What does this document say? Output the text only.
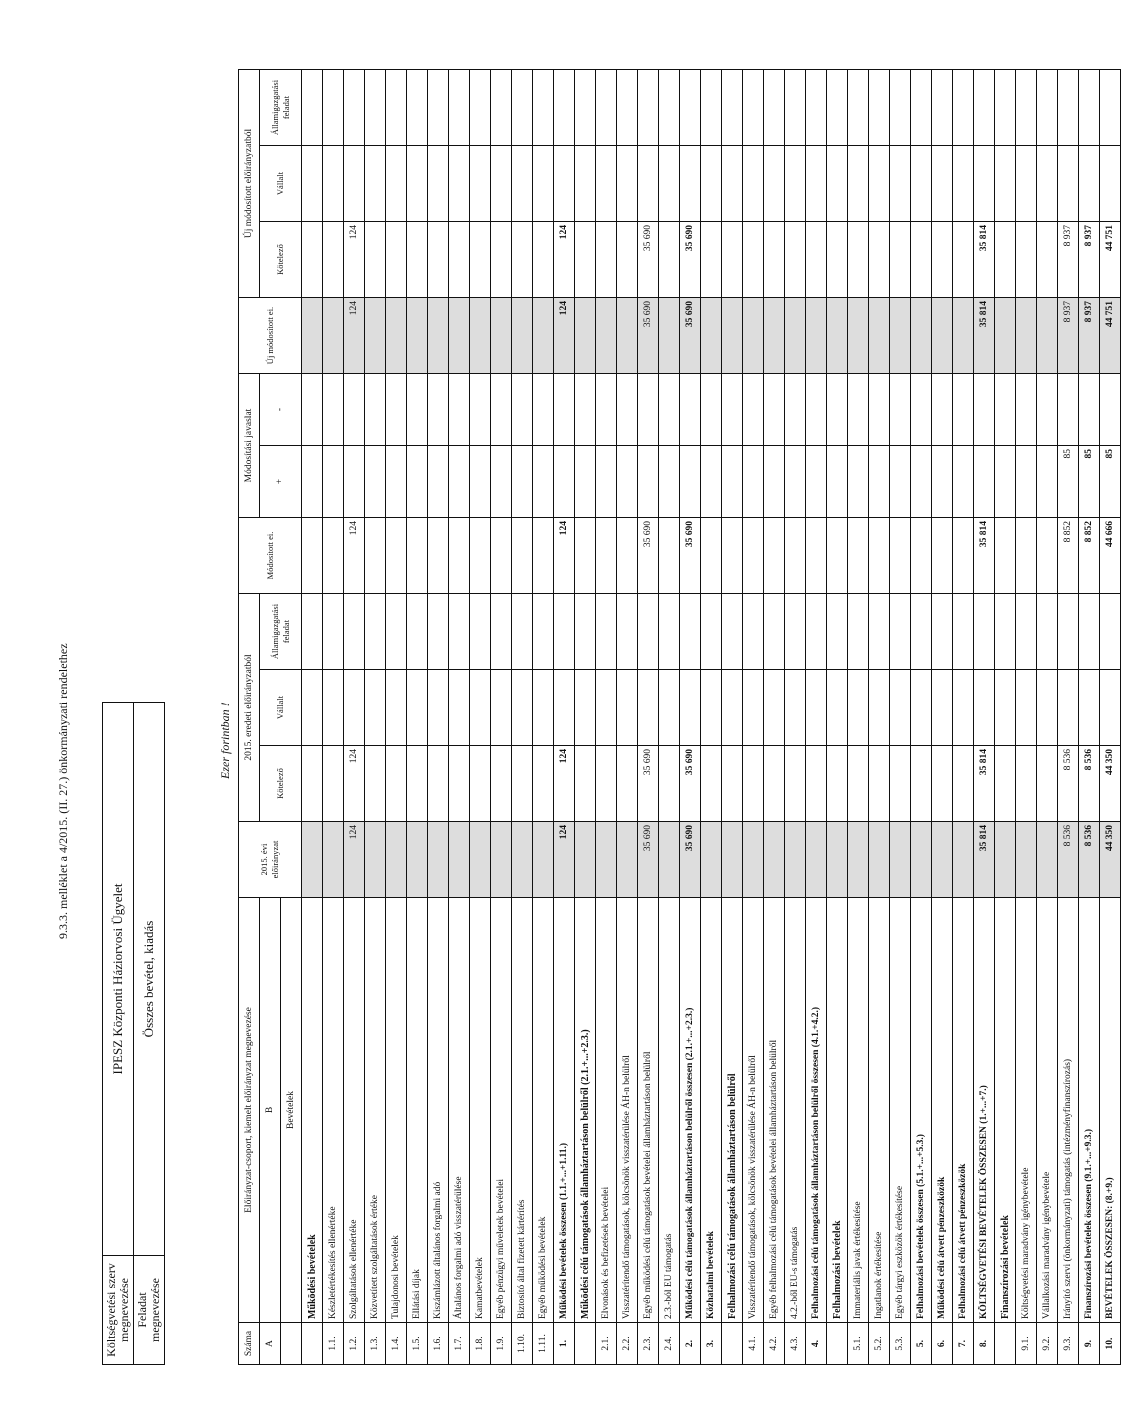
9.3.3. melléklet a 4/2015. (II. 27.) önkormányzati rendelethez
Költségvetési szerv megnevezése	IPESZ Központi Háziorvosi Ügyelet
Feladat megnevezése	Összes bevétel, kiadás
Ezer forintban !
Száma	Előirányzat-csoport, kiemelt előirányzat megnevezése	2015. évi előirányzat	2015. eredeti előirányzatból			Módosított ei.	Módosítási javaslat		Új módosított ei.	Új módosított előirányzatból		
A	B		Kötelező	Vállalt	Államigazgatási feladat		+	-		Kötelező	Vállalt	Államigazgatási feladat
	Bevételek											
	Működési bevételek											
1.1.	Készletértékesítés ellenértéke											
1.2.	Szolgáltatások ellenértéke	124	124			124			124	124		
1.3.	Közvetített szolgáltatások értéke											
1.4.	Tulajdonosi bevételek											
1.5.	Ellátási díjak											
1.6.	Kiszámlázott általános forgalmi adó											
1.7.	Általános forgalmi adó visszatérülése											
1.8.	Kamatbevételek											
1.9.	Egyéb pénzügyi műveletek bevételei											
1.10.	Biztosító által fizetett kártérítés											
1.11.	Egyéb működési bevételek											
1.	Működési bevételek összesen (1.1.+...+1.11.)	124	124			124			124	124		
	Működési célú támogatások államháztartáson belülről (2.1.+...+2.3.)											
2.1.	Elvonások és befizetések bevételei											
2.2.	Visszatérítendő támogatások, kölcsönök visszatérülése ÁH-n belülről											
2.3.	Egyéb működési célú támogatások bevételei államháztartáson belülről	35 690	35 690			35 690			35 690	35 690		
2.4.	2.3.-ból EU támogatás											
2.	Működési célú támogatások államháztartáson belülről összesen (2.1.+...+2.3.)	35 690	35 690			35 690			35 690	35 690		
3.	Közhatalmi bevételek											
	Felhalmozási célú támogatások államháztartáson belülről											
4.1.	Visszatérítendő támogatások, kölcsönök visszatérülése ÁH-n belülről											
4.2.	Egyéb felhalmozási célú támogatások bevételei államháztartáson belülről											
4.3.	4.2.-ből EU-s támogatás											
4.	Felhalmozási célú támogatások államháztartáson belülről összesen (4.1.+4.2.)											
	Felhalmozási bevételek											
5.1.	Immateriális javak értékesítése											
5.2.	Ingatlanok értékesítése											
5.3.	Egyéb tárgyi eszközök értékesítése											
5.	Felhalmozási bevételek összesen (5.1.+...+5.3.)											
6.	Működési célú átvett pénzeszközök											
7.	Felhalmozási célú átvett pénzeszközök											
8.	KÖLTSÉGVETÉSI BEVÉTELEK ÖSSZESEN (1.+...+7.)	35 814	35 814			35 814			35 814	35 814		
	Finanszírozási bevételek											
9.1.	Költségvetési maradvány igénybevétele											
9.2.	Vállalkozási maradvány igénybevétele											
9.3.	Irányító szervi (önkormányzati) támogatás (intézményfinanszírozás)	8 536	8 536			8 852	85		8 937	8 937		
9.	Finanszírozási bevételek összesen (9.1.+...+9.3.)	8 536	8 536			8 852	85		8 937	8 937		
10.	BEVÉTELEK ÖSSZESEN: (8.+9.)	44 350	44 350			44 666	85		44 751	44 751		
